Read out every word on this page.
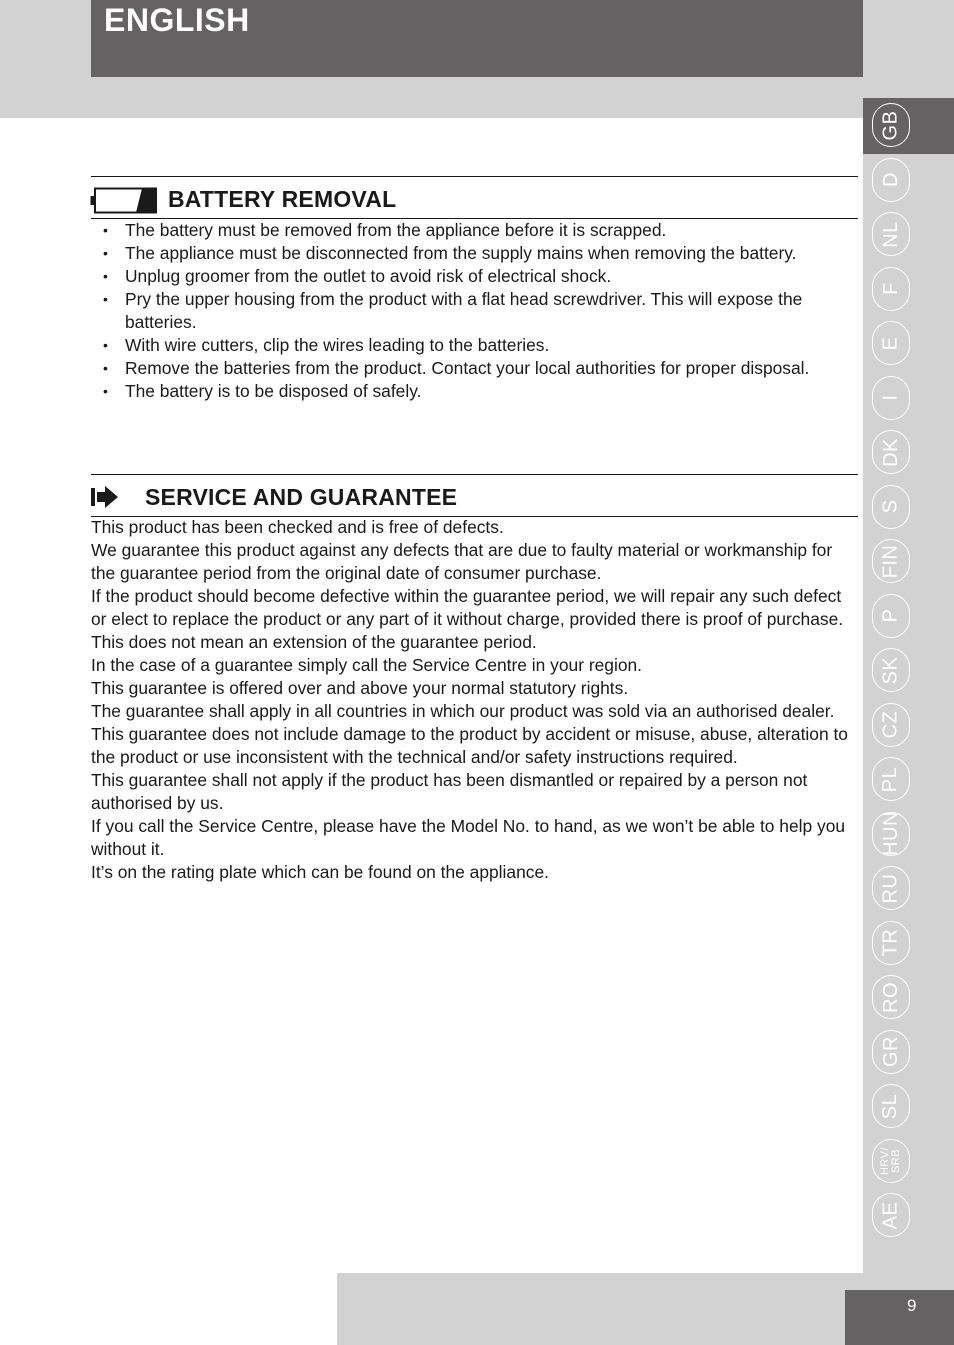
ENGLISH
GB
D
NL
F
E
I
DK
S
FIN
P
SK
CZ
PL
HUN
RU
TR
RO
GR
SL
HRV/
SRB
AE
BATTERY REMOVAL
• The battery must be removed from the appliance before it is scrapped.
• The appliance must be disconnected from the supply mains when removing the battery.
• Unplug groomer from the outlet to avoid risk of electrical shock.
• Pry the upper housing from the product with a flat head screwdriver. This will expose the batteries.
• With wire cutters, clip the wires leading to the batteries.
• Remove the batteries from the product. Contact your local authorities for proper disposal.
• The battery is to be disposed of safely.
SERVICE AND GUARANTEE

This product has been checked and is free of defects.

We guarantee this product against any defects that are due to faulty material or workmanship for the guarantee period from the original date of consumer purchase.

If the product should become defective within the guarantee period, we will repair any such defect or elect to replace the product or any part of it without charge, provided there is proof of purchase.

This does not mean an extension of the guarantee period.

In the case of a guarantee simply call the Service Centre in your region.

This guarantee is offered over and above your normal statutory rights.

The guarantee shall apply in all countries in which our product was sold via an authorised dealer.

This guarantee does not include damage to the product by accident or misuse, abuse, alteration to the product or use inconsistent with the technical and/or safety instructions required.

This guarantee shall not apply if the product has been dismantled or repaired by a person not authorised by us.

If you call the Service Centre, please have the Model No. to hand, as we won’t be able to help you without it.

It’s on the rating plate which can be found on the appliance.

9
